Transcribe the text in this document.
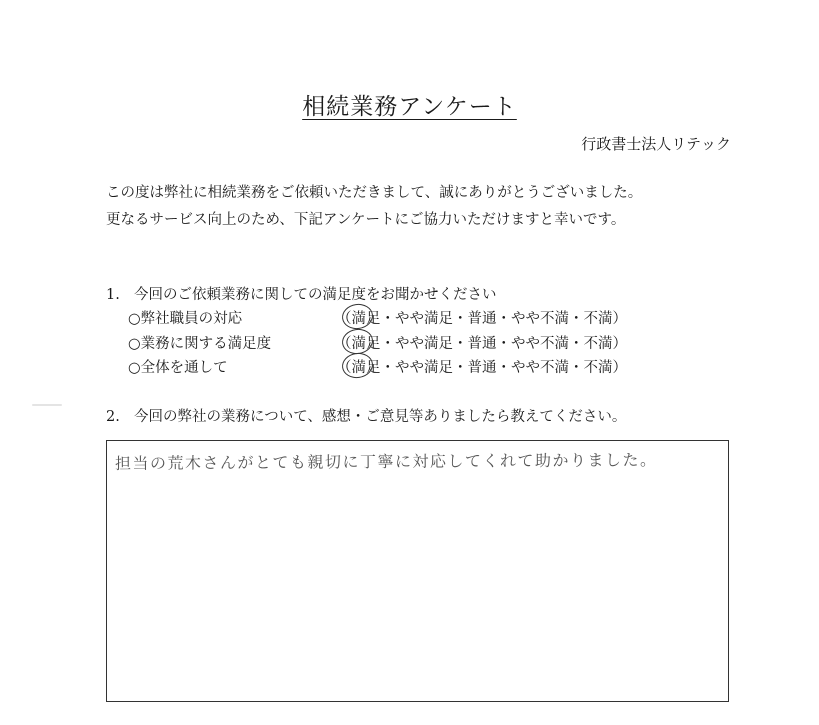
相続業務アンケート
行政書士法人リテック
この度は弊社に相続業務をご依頼いただきまして、誠にありがとうございました。
更なるサービス向上のため、下記アンケートにご協力いただけますと幸いです。
1. 今回のご依頼業務に関しての満足度をお聞かせください
○弊社職員の対応	（満足・やや満足・普通・やや不満・不満）
○業務に関する満足度	（満足・やや満足・普通・やや不満・不満）
○全体を通して	（満足・やや満足・普通・やや不満・不満）
2. 今回の弊社の業務について、感想・ご意見等ありましたら教えてください。
担当の荒木さんがとても親切に丁寧に対応してくれて助かりました。
